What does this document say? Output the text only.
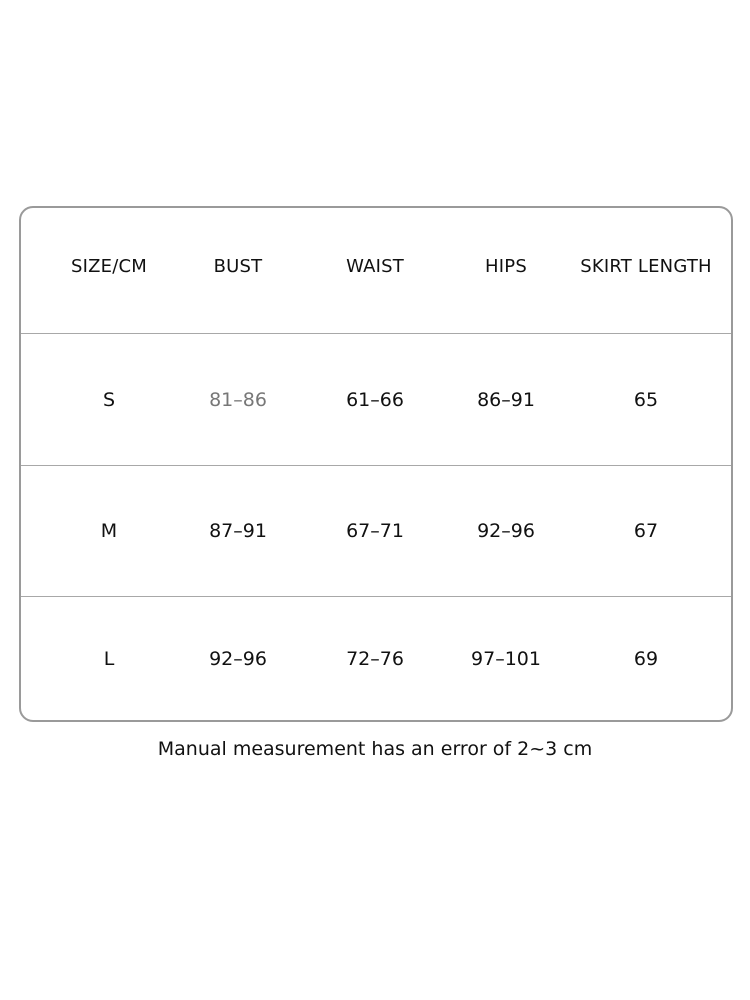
SIZE/CM	BUST	WAIST	HIPS	SKIRT LENGTH
S	81–86	61–66	86–91	65
M	87–91	67–71	92–96	67
L	92–96	72–76	97–101	69
Manual measurement has an error of 2~3 cm
